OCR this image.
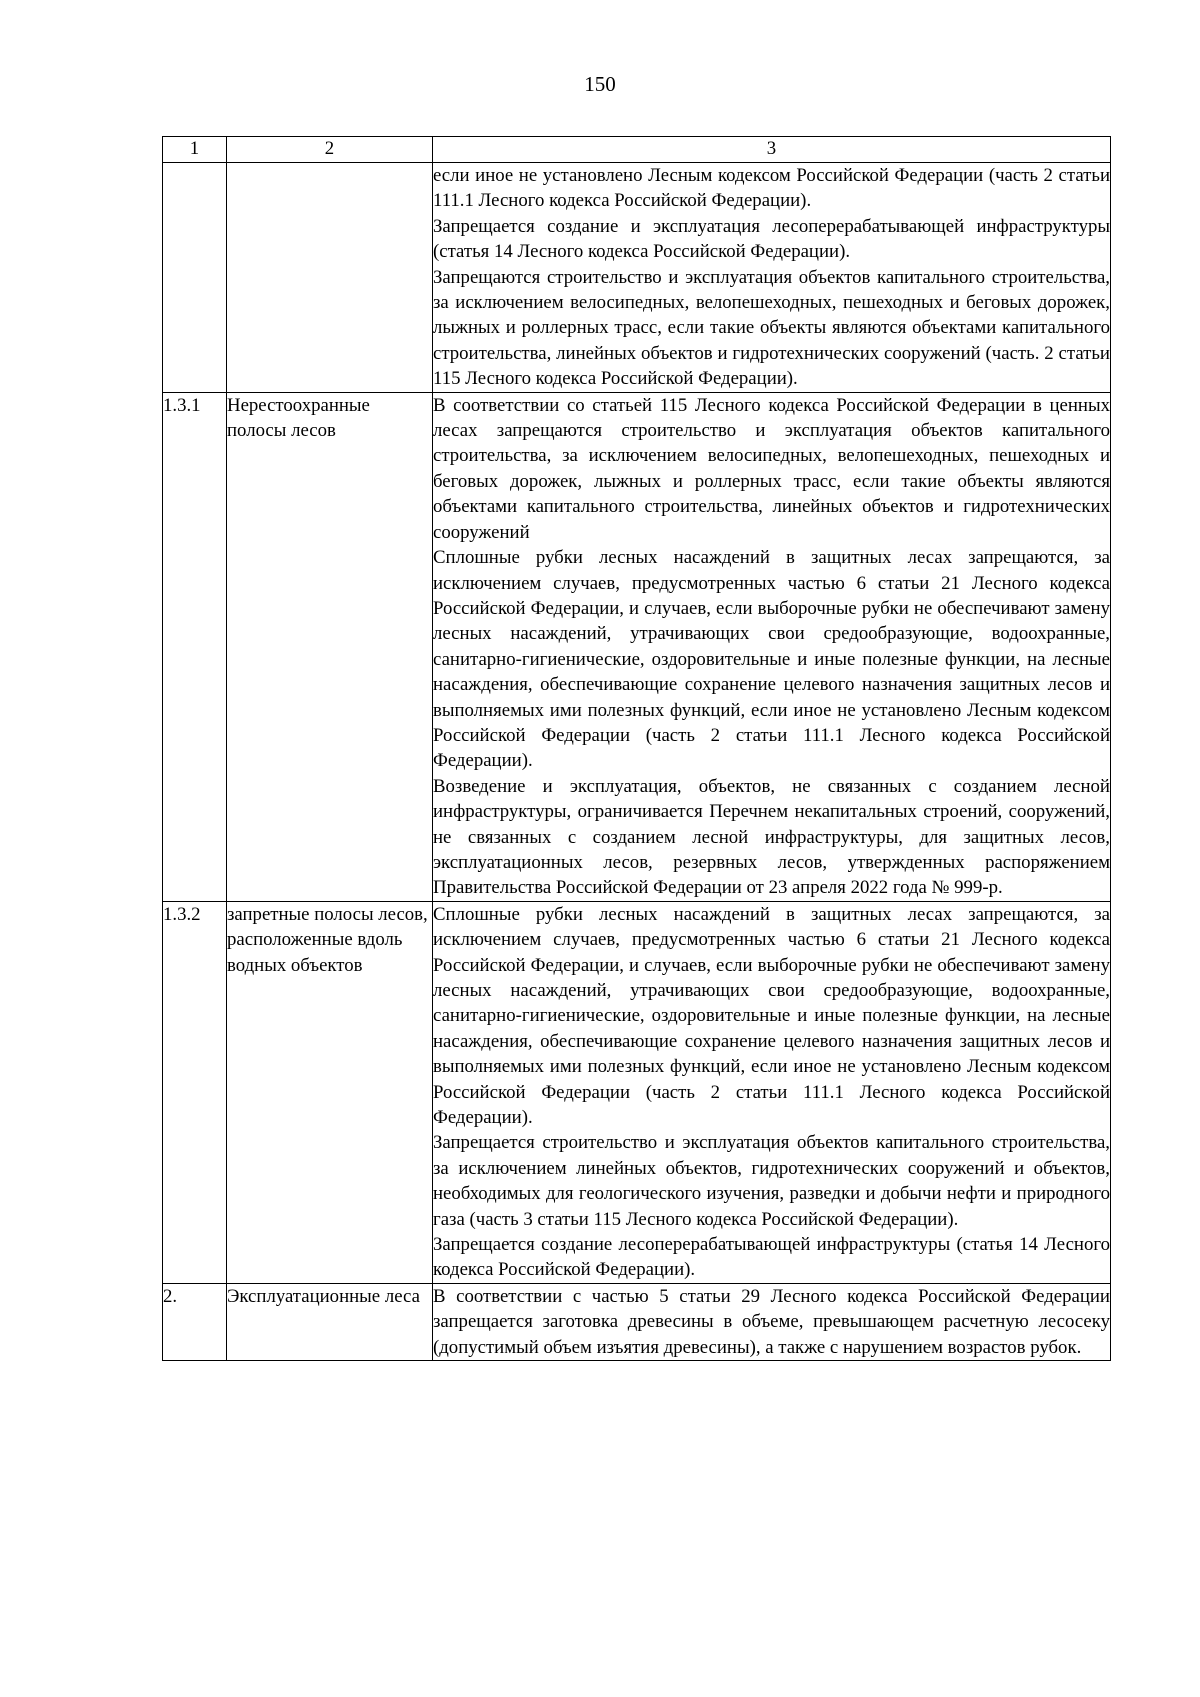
150
1	2	3

		если иное не установлено Лесным кодексом Российской Федерации (часть 2 статьи 111.1 Лесного кодекса Российской Федерации).

Запрещается создание и эксплуатация лесоперерабатывающей инфраструктуры (статья 14 Лесного кодекса Российской Федерации).

Запрещаются строительство и эксплуатация объектов капитального строительства, за исключением велосипедных, велопешеходных, пешеходных и беговых дорожек, лыжных и роллерных трасс, если такие объекты являются объектами капитального строительства, линейных объектов и гидротехнических сооружений (часть. 2 статьи 115 Лесного кодекса Российской Федерации).

1.3.1	Нерестоохранные полосы лесов	В соответствии со статьей 115 Лесного кодекса Российской Федерации в ценных лесах запрещаются строительство и эксплуатация объектов капитального строительства, за исключением велосипедных, велопешеходных, пешеходных и беговых дорожек, лыжных и роллерных трасс, если такие объекты являются объектами капитального строительства, линейных объектов и гидротехнических сооружений

Сплошные рубки лесных насаждений в защитных лесах запрещаются, за исключением случаев, предусмотренных частью 6 статьи 21 Лесного кодекса Российской Федерации, и случаев, если выборочные рубки не обеспечивают замену лесных насаждений, утрачивающих свои средообразующие, водоохранные, санитарно-гигиенические, оздоровительные и иные полезные функции, на лесные насаждения, обеспечивающие сохранение целевого назначения защитных лесов и выполняемых ими полезных функций, если иное не установлено Лесным кодексом Российской Федерации (часть 2 статьи 111.1 Лесного кодекса Российской Федерации).

Возведение и эксплуатация, объектов, не связанных с созданием лесной инфраструктуры, ограничивается Перечнем некапитальных строений, сооружений, не связанных с созданием лесной инфраструктуры, для защитных лесов, эксплуатационных лесов, резервных лесов, утвержденных распоряжением Правительства Российской Федерации от 23 апреля 2022 года № 999-р.

1.3.2	запретные полосы лесов, расположенные вдоль водных объектов	Сплошные рубки лесных насаждений в защитных лесах запрещаются, за исключением случаев, предусмотренных частью 6 статьи 21 Лесного кодекса Российской Федерации, и случаев, если выборочные рубки не обеспечивают замену лесных насаждений, утрачивающих свои средообразующие, водоохранные, санитарно-гигиенические, оздоровительные и иные полезные функции, на лесные насаждения, обеспечивающие сохранение целевого назначения защитных лесов и выполняемых ими полезных функций, если иное не установлено Лесным кодексом Российской Федерации (часть 2 статьи 111.1 Лесного кодекса Российской Федерации).

Запрещается строительство и эксплуатация объектов капитального строительства, за исключением линейных объектов, гидротехнических сооружений и объектов, необходимых для геологического изучения, разведки и добычи нефти и природного газа (часть 3 статьи 115 Лесного кодекса Российской Федерации).

Запрещается создание лесоперерабатывающей инфраструктуры (статья 14 Лесного кодекса Российской Федерации).

2.	Эксплуатационные леса	В соответствии с частью 5 статьи 29 Лесного кодекса Российской Федерации запрещается заготовка древесины в объеме, превышающем расчетную лесосеку (допустимый объем изъятия древесины), а также с нарушением возрастов рубок.
